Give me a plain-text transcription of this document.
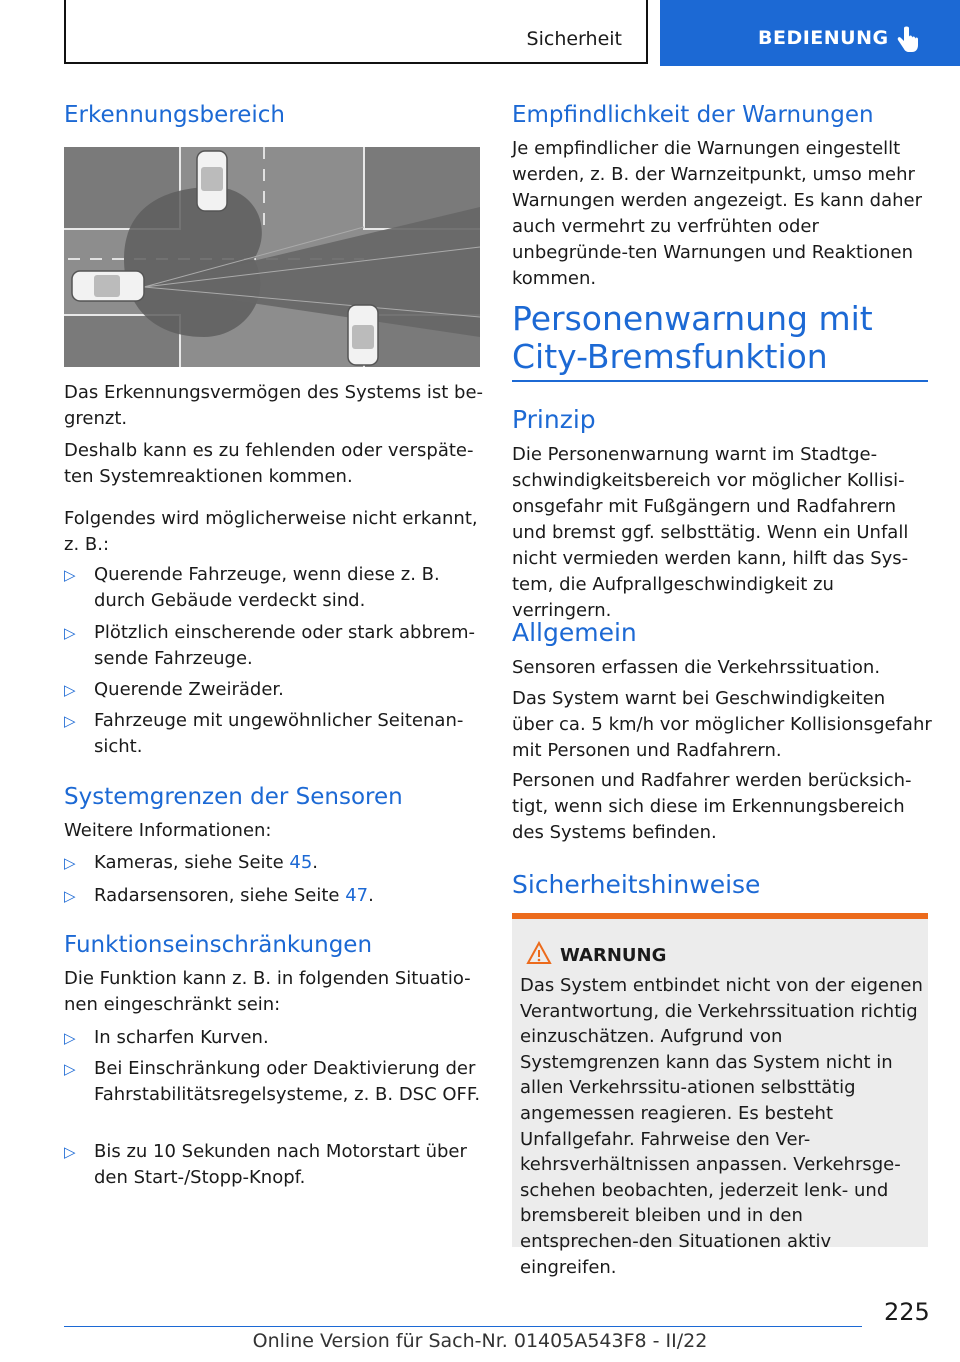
Sicherheit	BEDIENUNG
Erkennungsbereich
Das Erkennungsvermögen des Systems ist be-grenzt.
Deshalb kann es zu fehlenden oder verspäte-ten Systemreaktionen kommen.
Folgendes wird möglicherweise nicht erkannt, z. B.:
▷ Querende Fahrzeuge, wenn diese z. B. durch Gebäude verdeckt sind.
▷ Plötzlich einscherende oder stark abbrem-sende Fahrzeuge.
▷ Querende Zweiräder.
▷ Fahrzeuge mit ungewöhnlicher Seitenan-sicht.
Systemgrenzen der Sensoren
Weitere Informationen:
▷ Kameras, siehe Seite 45.
▷ Radarsensoren, siehe Seite 47.
Funktionseinschränkungen
Die Funktion kann z. B. in folgenden Situatio-nen eingeschränkt sein:
▷ In scharfen Kurven.
▷ Bei Einschränkung oder Deaktivierung der Fahrstabilitätsregelsysteme, z. B. DSC OFF.
▷ Bis zu 10 Sekunden nach Motorstart über den Start-/Stopp-Knopf.
Empfindlichkeit der Warnungen
Je empfindlicher die Warnungen eingestellt werden, z. B. der Warnzeitpunkt, umso mehr Warnungen werden angezeigt. Es kann daher auch vermehrt zu verfrühten oder unbegründe-ten Warnungen und Reaktionen kommen.
Personenwarnung mit City-Bremsfunktion
Prinzip
Die Personenwarnung warnt im Stadtge-schwindigkeitsbereich vor möglicher Kollisi-onsgefahr mit Fußgängern und Radfahrern und bremst ggf. selbsttätig. Wenn ein Unfall nicht vermieden werden kann, hilft das Sys-tem, die Aufprallgeschwindigkeit zu verringern.
Allgemein
Sensoren erfassen die Verkehrssituation.
Das System warnt bei Geschwindigkeiten über ca. 5 km/h vor möglicher Kollisionsgefahr mit Personen und Radfahrern.
Personen und Radfahrer werden berücksich-tigt, wenn sich diese im Erkennungsbereich des Systems befinden.
Sicherheitshinweise
WARNUNG
Das System entbindet nicht von der eigenen Verantwortung, die Verkehrssituation richtig einzuschätzen. Aufgrund von Systemgrenzen kann das System nicht in allen Verkehrssitu-ationen selbsttätig angemessen reagieren. Es besteht Unfallgefahr. Fahrweise den Ver-kehrsverhältnissen anpassen. Verkehrsge-schehen beobachten, jederzeit lenk- und bremsbereit bleiben und in den entsprechen-den Situationen aktiv eingreifen.
225
Online Version für Sach-Nr. 01405A543F8 - II/22
